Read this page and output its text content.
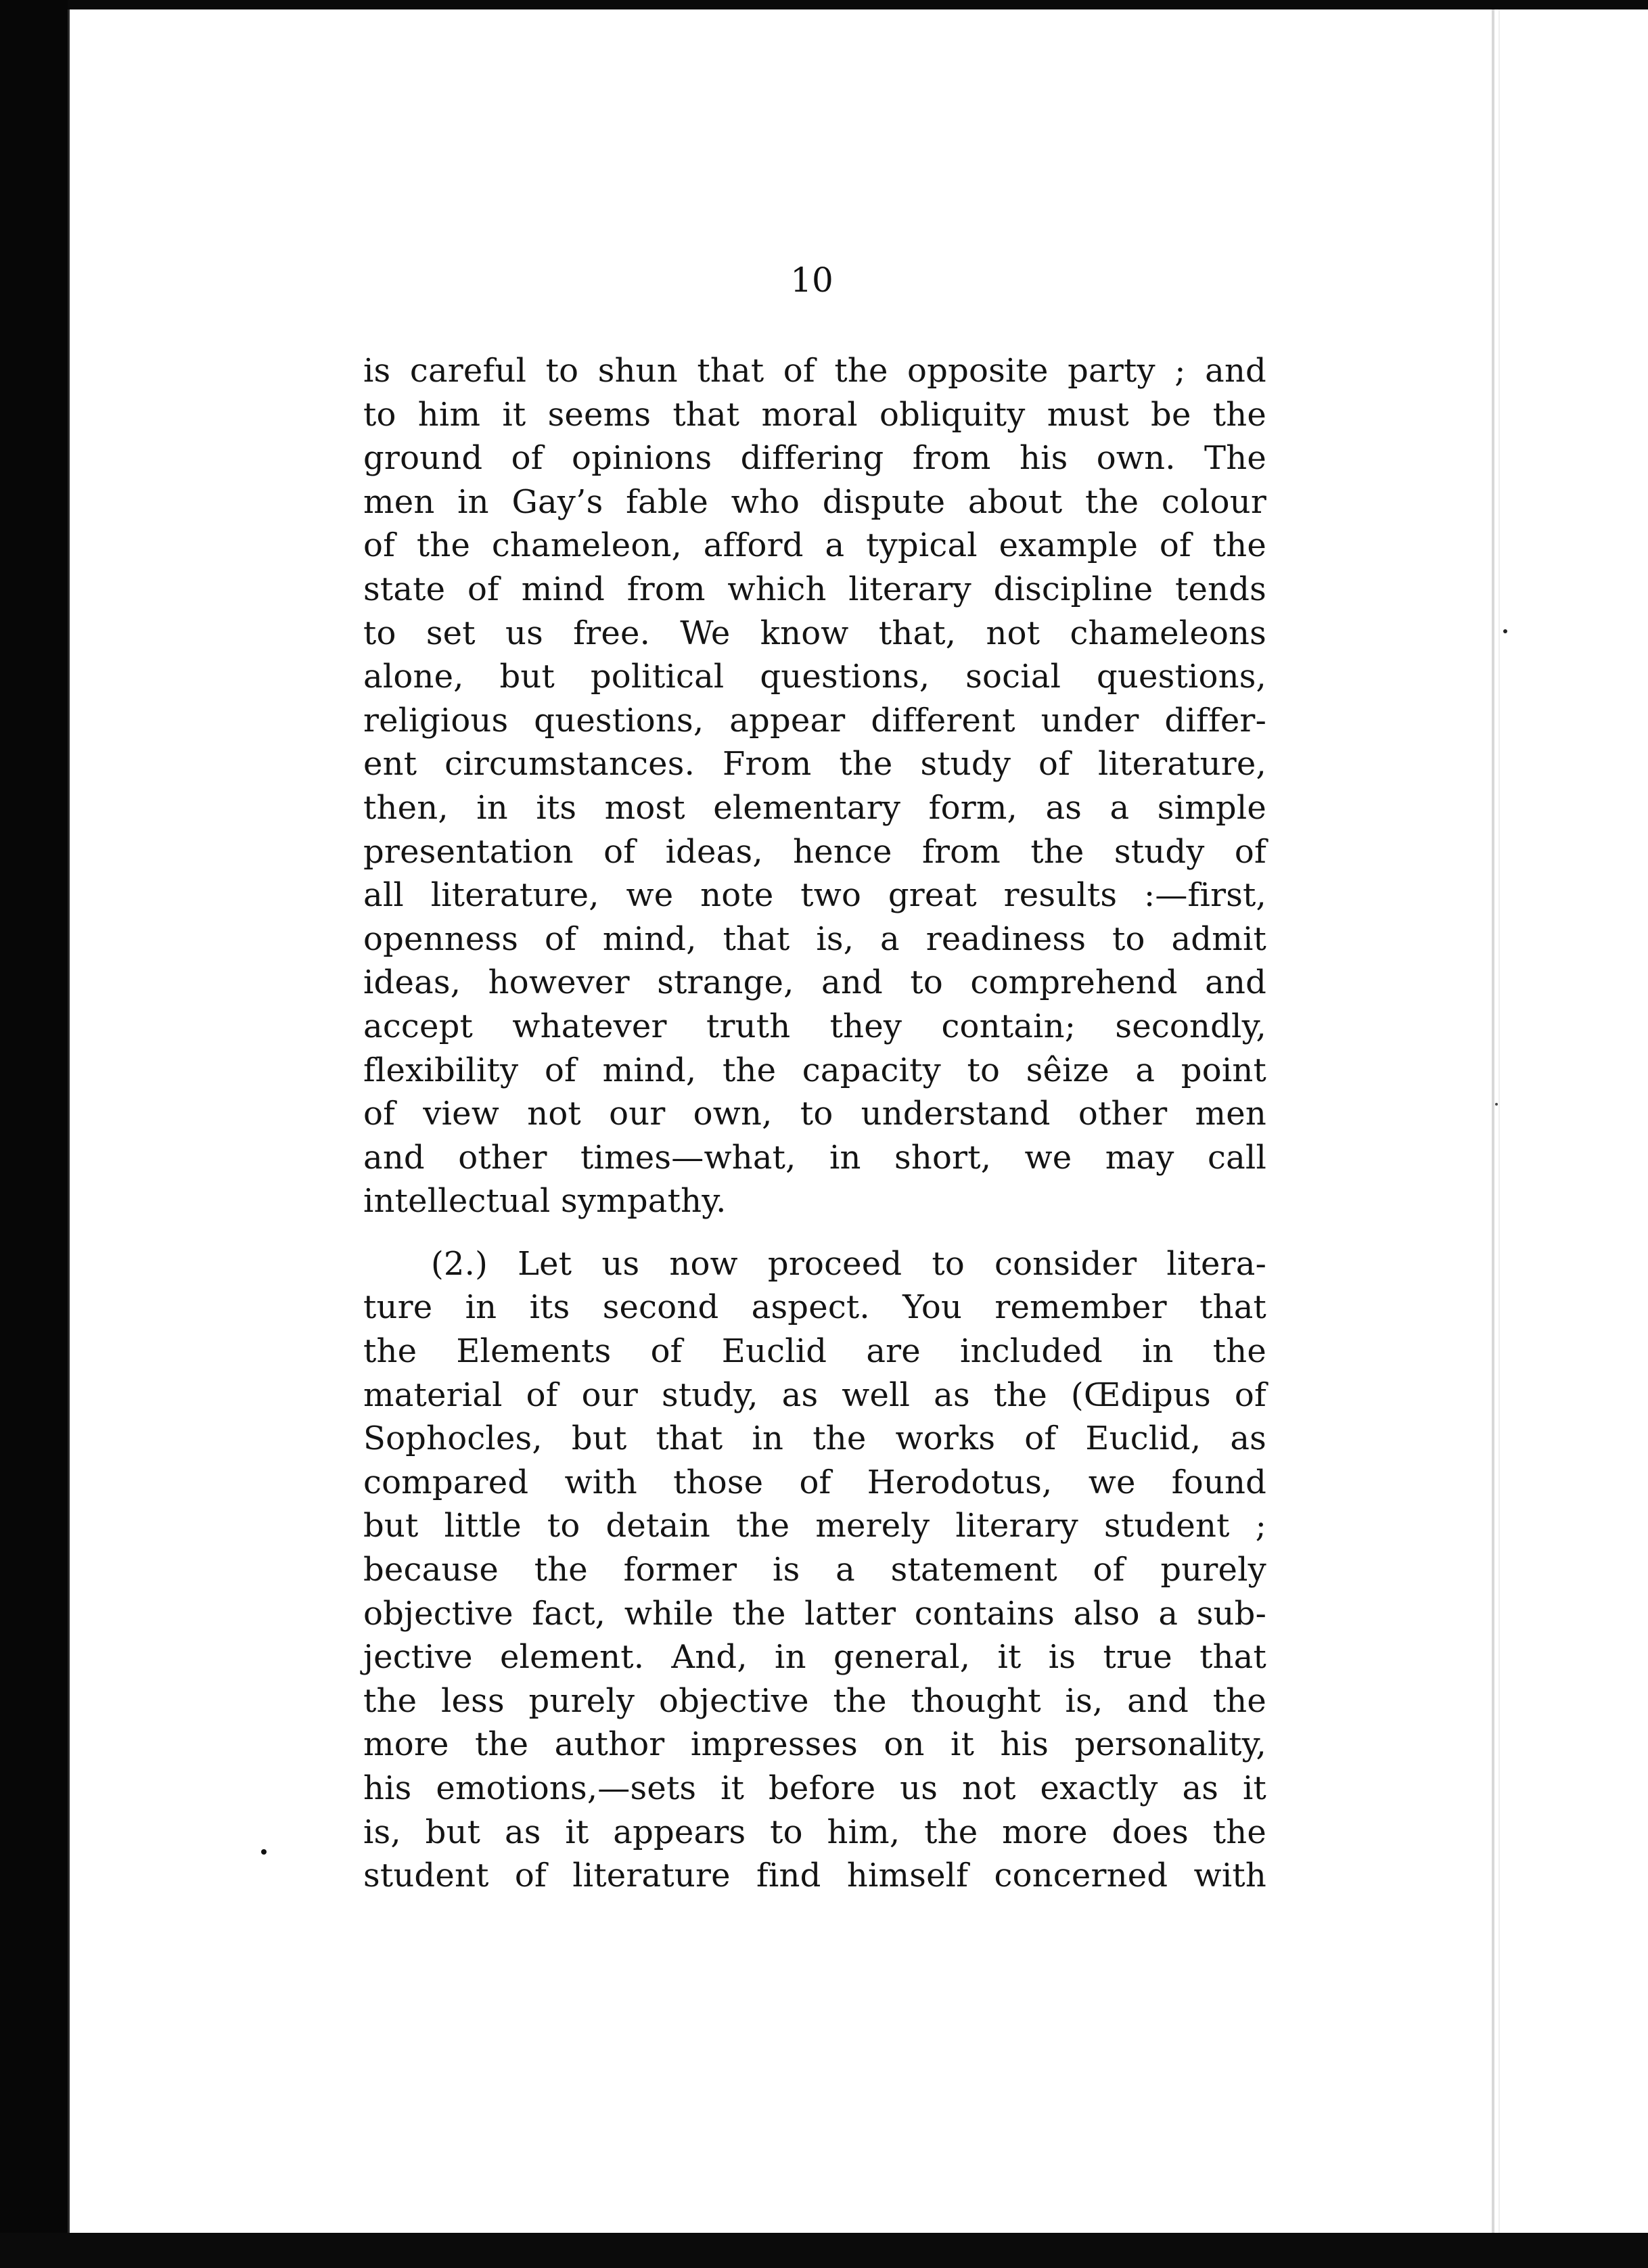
10
is careful to shun that of the opposite party ; and
to him it seems that moral obliquity must be the
ground of opinions differing from his own. The
men in Gay’s fable who dispute about the colour
of the chameleon, afford a typical example of the
state of mind from which literary discipline tends
to set us free. We know that, not chameleons
alone, but political questions, social questions,
religious questions, appear different under differ-
ent circumstances. From the study of literature,
then, in its most elementary form, as a simple
presentation of ideas, hence from the study of
all literature, we note two great results :—first,
openness of mind, that is, a readiness to admit
ideas, however strange, and to comprehend and
accept whatever truth they contain; secondly,
flexibility of mind, the capacity to sêize a point
of view not our own, to understand other men
and other times—what, in short, we may call
intellectual sympathy.
(2.) Let us now proceed to consider litera-
ture in its second aspect. You remember that
the Elements of Euclid are included in the
material of our study, as well as the (Œdipus of
Sophocles, but that in the works of Euclid, as
compared with those of Herodotus, we found
but little to detain the merely literary student ;
because the former is a statement of purely
objective fact, while the latter contains also a sub-
jective element. And, in general, it is true that
the less purely objective the thought is, and the
more the author impresses on it his personality,
his emotions,—sets it before us not exactly as it
is, but as it appears to him, the more does the
student of literature find himself concerned with
